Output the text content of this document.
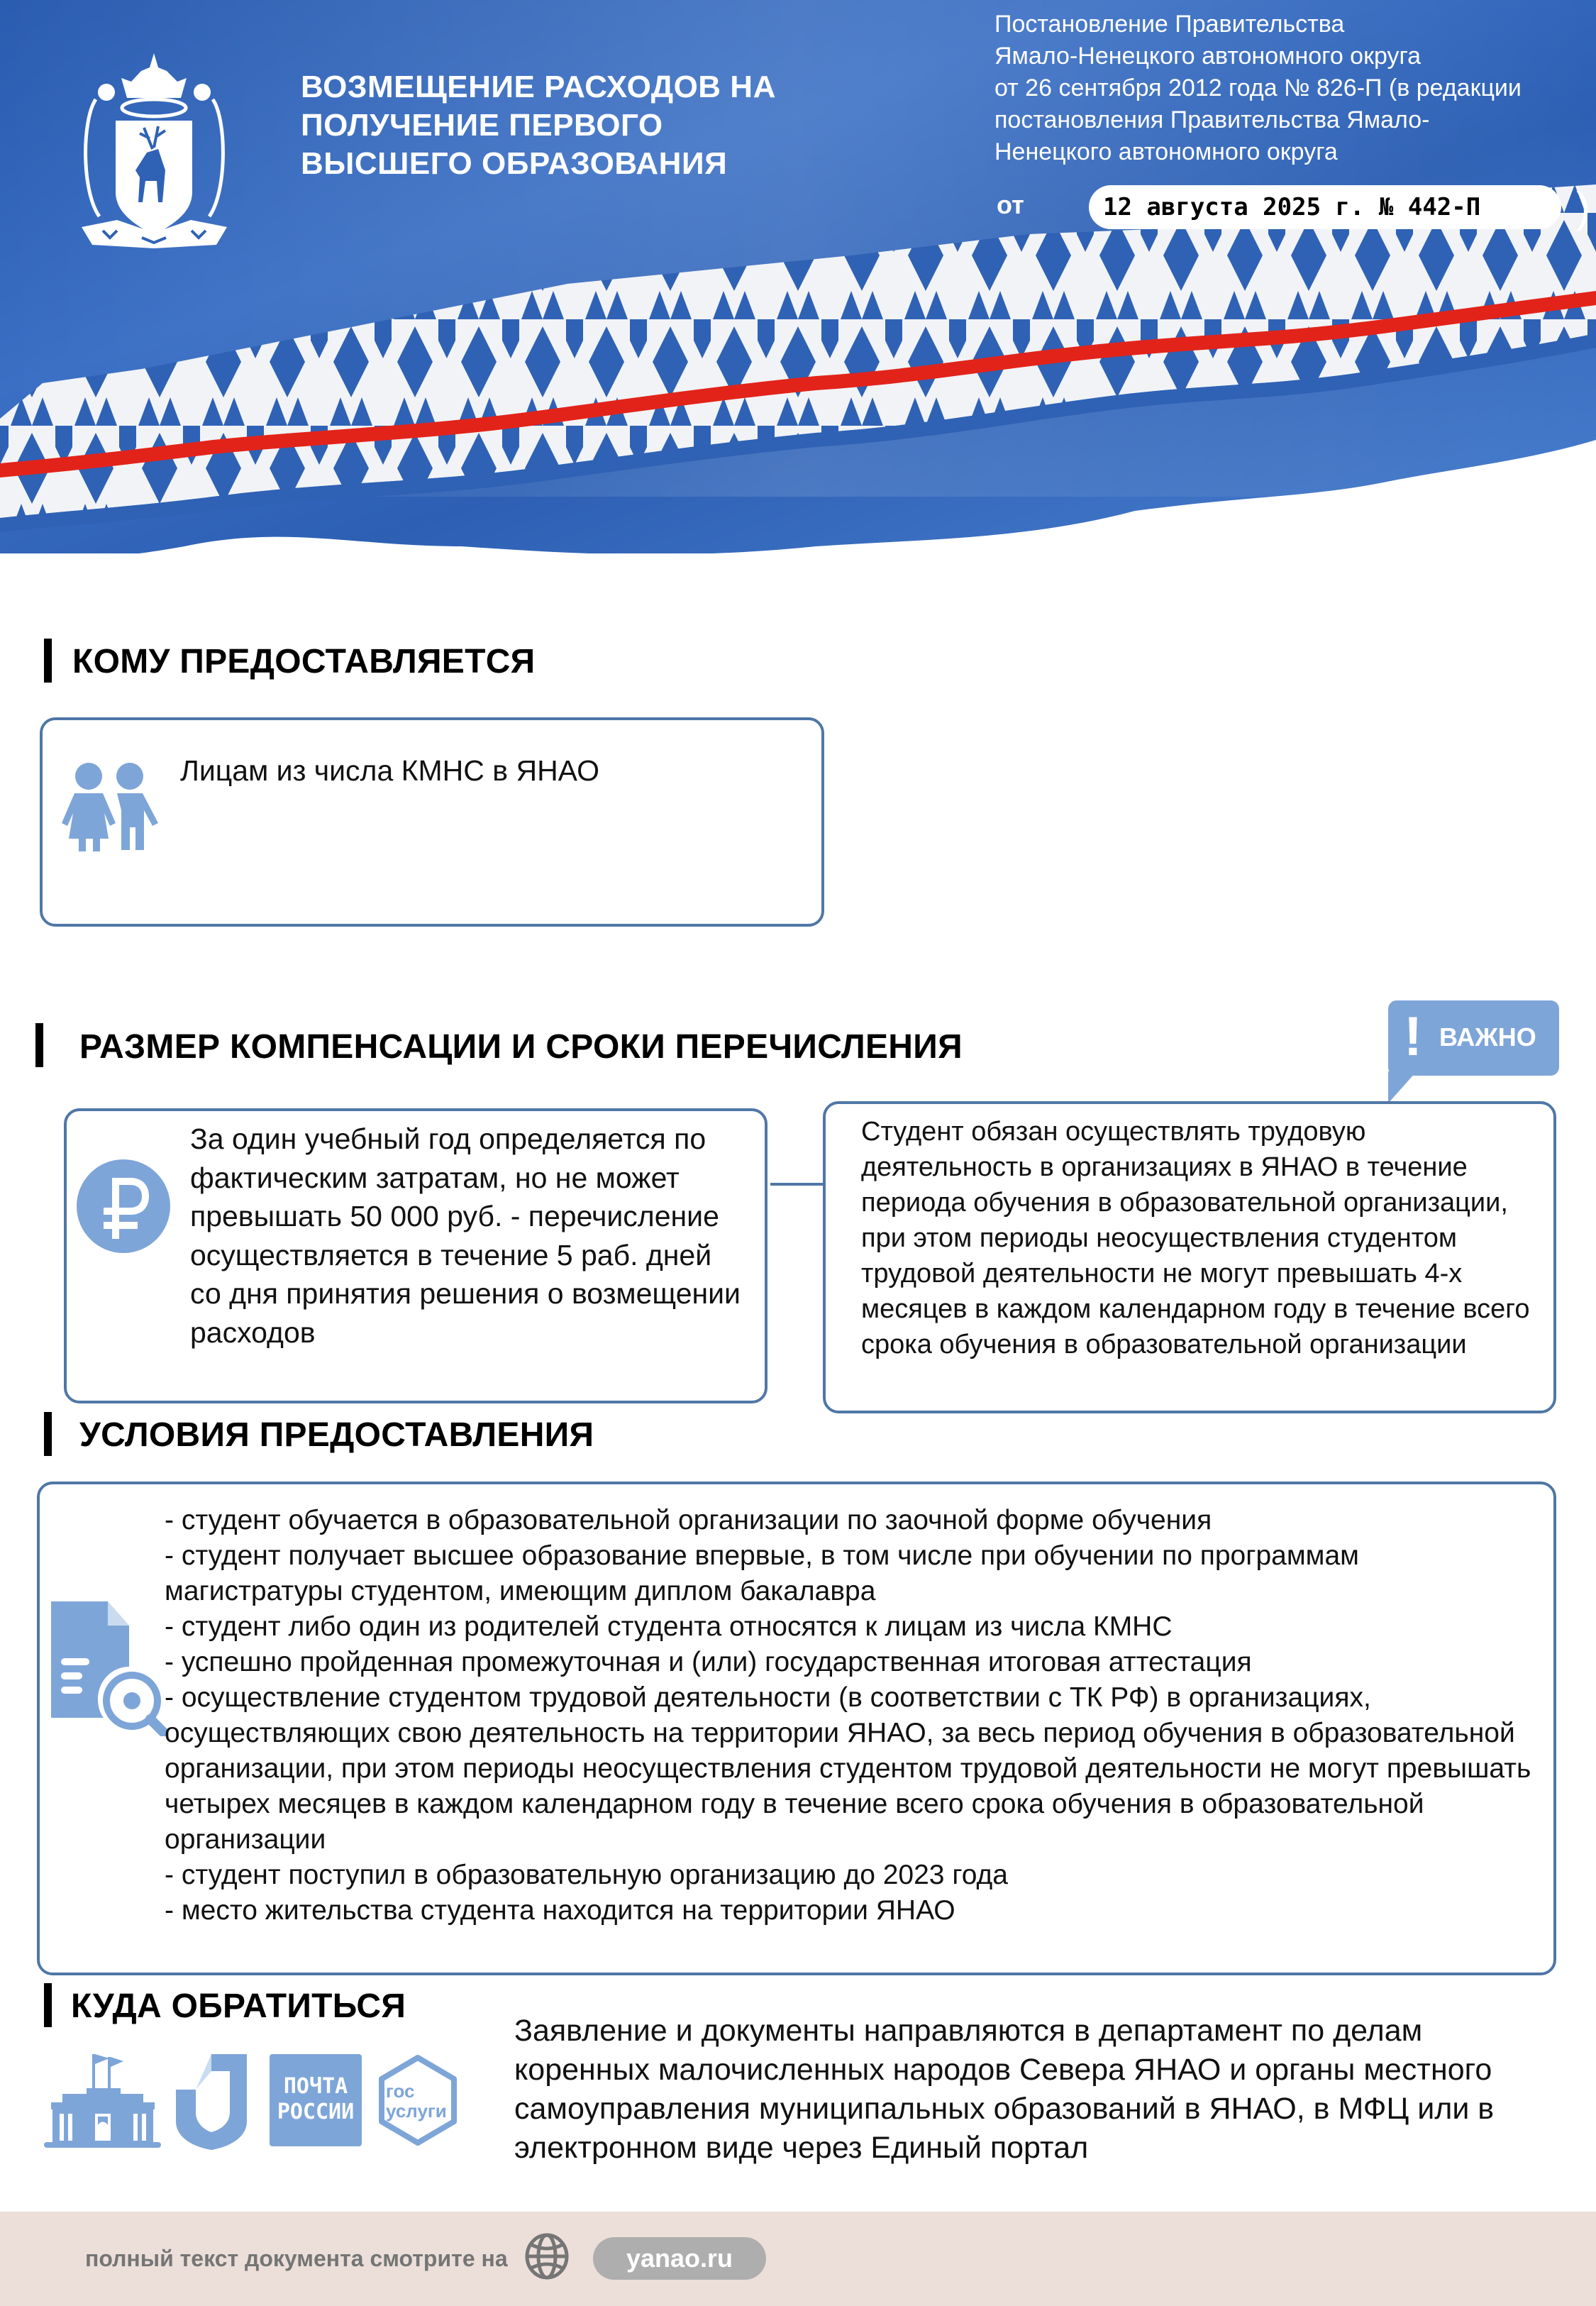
ВОЗМЕЩЕНИЕ РАСХОДОВ НА
ПОЛУЧЕНИЕ ПЕРВОГО
ВЫСШЕГО ОБРАЗОВАНИЯ
Постановление Правительства
Ямало-Ненецкого автономного округа
от 26 сентября 2012 года № 826-П (в редакции
постановления Правительства Ямало-
Ненецкого автономного округа
от	12 августа 2025 г. № 442-П	)
КОМУ ПРЕДОСТАВЛЯЕТСЯ
Лицам из числа КМНС в ЯНАО
РАЗМЕР КОМПЕНСАЦИИ И СРОКИ ПЕРЕЧИСЛЕНИЯ	! ВАЖНО
За один учебный год определяется по фактическим затратам, но не может превышать 50 000 руб. - перечисление осуществляется в течение 5 раб. дней со дня принятия решения о возмещении расходов
Студент обязан осуществлять трудовую деятельность в организациях в ЯНАО в течение периода обучения в образовательной организации, при этом периоды неосуществления студентом трудовой деятельности не могут превышать 4-х месяцев в каждом календарном году в течение всего срока обучения в образовательной организации
УСЛОВИЯ ПРЕДОСТАВЛЕНИЯ
- студент обучается в образовательной организации по заочной форме обучения
- студент получает высшее образование впервые, в том числе при обучении по программам магистратуры студентом, имеющим диплом бакалавра
- студент либо один из родителей студента относятся к лицам из числа КМНС
- успешно пройденная промежуточная и (или) государственная итоговая аттестация
- осуществление студентом трудовой деятельности (в соответствии с ТК РФ) в организациях, осуществляющих свою деятельность на территории ЯНАО, за весь период обучения в образовательной организации, при этом периоды неосуществления студентом трудовой деятельности не могут превышать четырех месяцев в каждом календарном году в течение всего срока обучения в образовательной организации
- студент поступил в образовательную организацию до 2023 года
- место жительства студента находится на территории ЯНАО
КУДА ОБРАТИТЬСЯ
ПОЧТА
РОССИИ
гос
услуги
Заявление и документы направляются в департамент по делам коренных малочисленных народов Севера ЯНАО и органы местного самоуправления муниципальных образований в ЯНАО, в МФЦ или в электронном виде через Единый портал
полный текст документа смотрите на	yanao.ru
